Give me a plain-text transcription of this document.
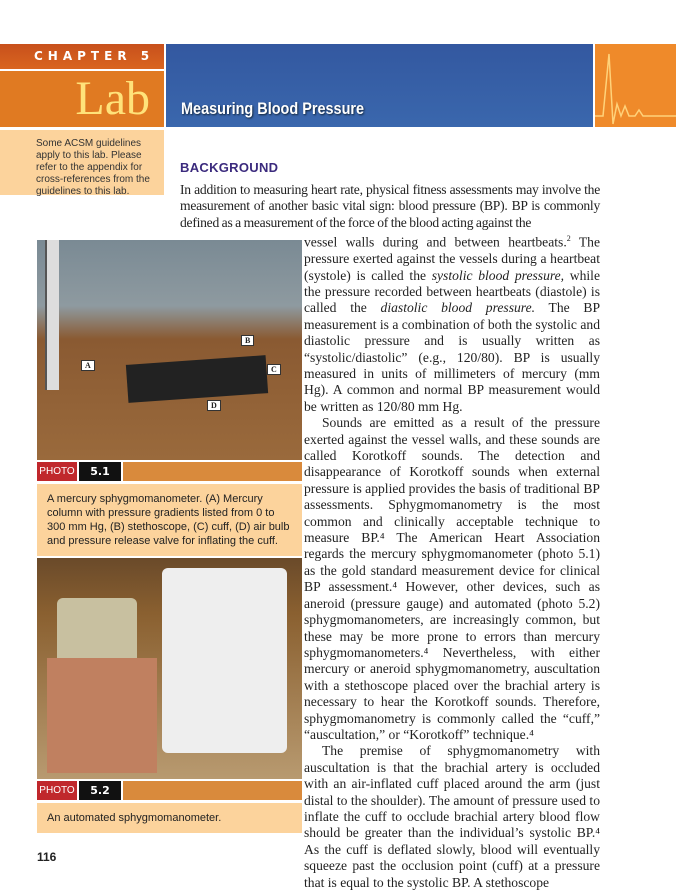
CHAPTER 5
Lab Measuring Blood Pressure
Some ACSM guidelines apply to this lab. Please refer to the appendix for cross-references from the guidelines to this lab.
BACKGROUND
In addition to measuring heart rate, physical fitness assessments may involve the measurement of another basic vital sign: blood pressure (BP). BP is commonly defined as a measurement of the force of the blood acting against the

vessel walls during and between heartbeats.$^2$ The pressure exerted against the vessels during a heartbeat (systole) is called the systolic blood pressure, while the pressure recorded between heartbeats (diastole) is called the diastolic blood pressure. The BP measurement is a combination of both the systolic and diastolic pressure and is usually written as “systolic/diastolic” (e.g., 120/80). BP is usually measured in units of millimeters of mercury (mm Hg). A common and normal BP measurement would be written as 120/80 mm Hg.

Sounds are emitted as a result of the pressure exerted against the vessel walls, and these sounds are called Korotkoff sounds. The detection and disappearance of Korotkoff sounds when external pressure is applied provides the basis of traditional BP assessments. Sphygmomanometry is the most common and clinically acceptable technique to measure BP.⁴ The American Heart Association regards the mercury sphygmomanometer (photo 5.1) as the gold standard measurement device for clinical BP assessment.⁴ However, other devices, such as aneroid (pressure gauge) and automated (photo 5.2) sphygmomanometers, are increasingly common, but these may be more prone to errors than mercury sphygmomanometers.⁴ Nevertheless, with either mercury or aneroid sphygmomanometry, auscultation with a stethoscope placed over the brachial artery is necessary to hear the Korotkoff sounds. Therefore, sphygmomanometry is commonly called the “cuff,” “auscultation,” or “Korotkoff” technique.⁴

The premise of sphygmomanometry with auscultation is that the brachial artery is occluded with an air-inflated cuff placed around the arm (just distal to the shoulder). The amount of pressure used to inflate the cuff to occlude brachial artery blood flow should be greater than the individual’s systolic BP.⁴ As the cuff is deflated slowly, blood will eventually squeeze past the occlusion point (cuff) at a pressure that is equal to the systolic BP. A stethoscope

A
B
C
D
PHOTO	5.1
A mercury sphygmomanometer. (A) Mercury column with pressure gradients listed from 0 to 300 mm Hg, (B) stethoscope, (C) cuff, (D) air bulb and pressure release valve for inflating the cuff.
PHOTO	5.2
An automated sphygmomanometer.
116
